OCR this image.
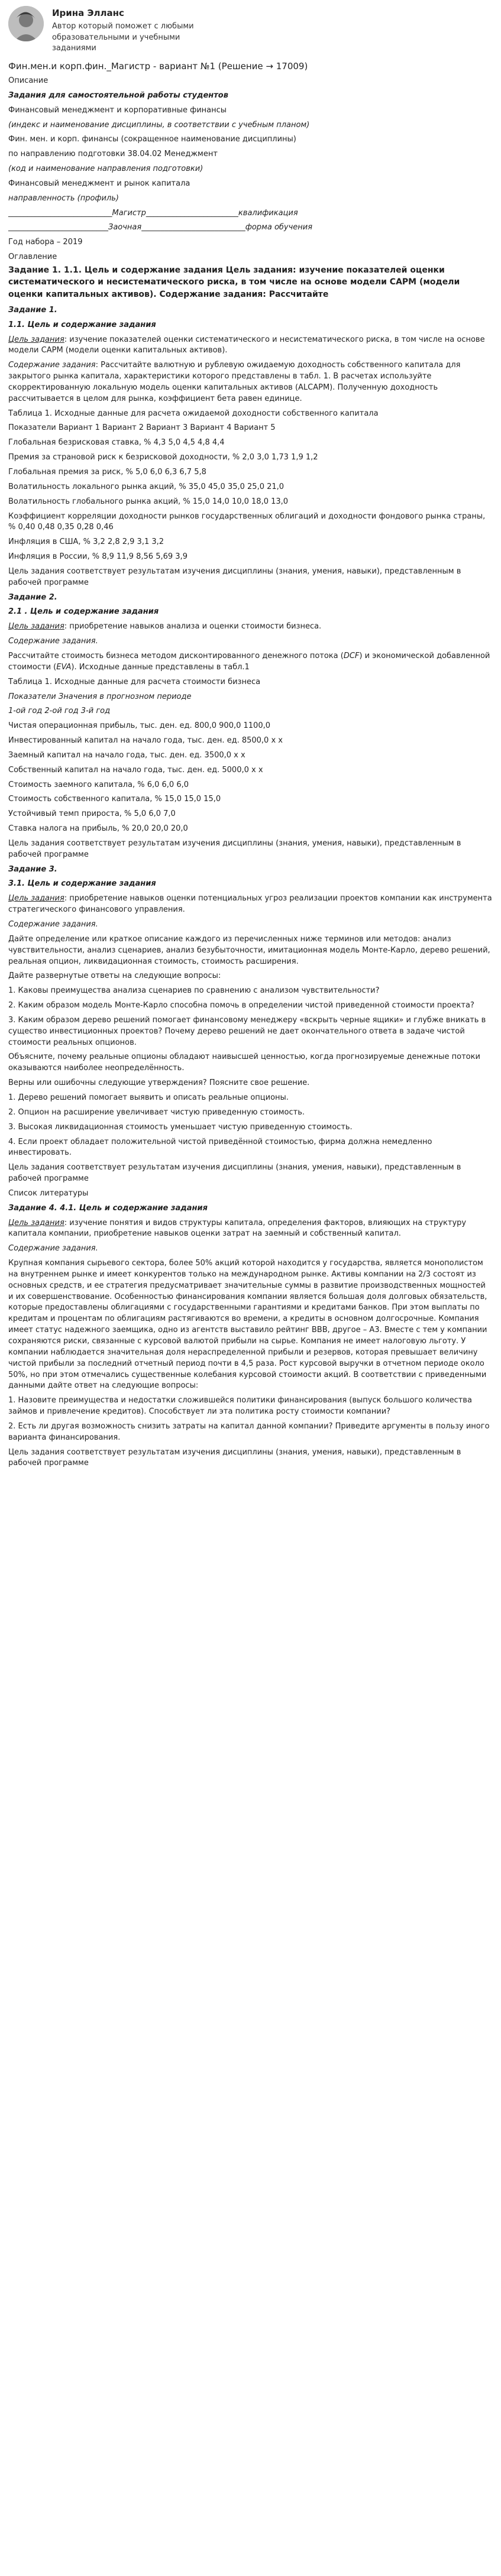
Ирина Элланс
Автор который поможет с любыми образовательными и учебными заданиями
Фин.мен.и корп.фин._Магистр - вариант №1 (Решение → 17009)
Описание

Задания для самостоятельной работы студентов

Финансовый менеджмент и корпоративные финансы

(индекс и наименование дисциплины, в соответствии с учебным планом)

Фин. мен. и корп. финансы (сокращенное наименование дисциплины)

по направлению подготовки 38.04.02 Менеджмент

(код и наименование направления подготовки)

Финансовый менеджмент и рынок капитала

направленность (профиль)

___________________________Магистр________________________квалификация

__________________________Заочная___________________________форма обучения

Год набора – 2019

Оглавление
Задание 1. 1.1. Цель и содержание задания Цель задания: изучение показателей оценки систематического и несистематического риска, в том числе на основе модели CAPM (модели оценки капитальных активов). Содержание задания: Рассчитайте

Задание 1.

1.1. Цель и содержание задания

Цель задания: изучение показателей оценки систематического и несистематического риска, в том числе на основе модели CAPM (модели оценки капитальных активов).

Содержание задания: Рассчитайте валютную и рублевую ожидаемую доходность собственного капитала для закрытого рынка капитала, характеристики которого представлены в табл. 1. В расчетах используйте скорректированную локальную модель оценки капитальных активов (ALCAPM). Полученную доходность рассчитывается в целом для рынка, коэффициент бета равен единице.

Таблица 1. Исходные данные для расчета ожидаемой доходности собственного капитала

Показатели Вариант 1 Вариант 2 Вариант 3 Вариант 4 Вариант 5

Глобальная безрисковая ставка, % 4,3 5,0 4,5 4,8 4,4

Премия за страновой риск к безрисковой доходности, % 2,0 3,0 1,73 1,9 1,2

Глобальная премия за риск, % 5,0 6,0 6,3 6,7 5,8

Волатильность локального рынка акций, % 35,0 45,0 35,0 25,0 21,0

Волатильность глобального рынка акций, % 15,0 14,0 10,0 18,0 13,0

Коэффициент корреляции доходности рынков государственных облигаций и доходности фондового рынка страны, % 0,40 0,48 0,35 0,28 0,46

Инфляция в США, % 3,2 2,8 2,9 3,1 3,2

Инфляция в России, % 8,9 11,9 8,56 5,69 3,9

Цель задания соответствует результатам изучения дисциплины (знания, умения, навыки), представленным в рабочей программе

Задание 2.

2.1 . Цель и содержание задания

Цель задания: приобретение навыков анализа и оценки стоимости бизнеса.

Содержание задания.

Рассчитайте стоимость бизнеса методом дисконтированного денежного потока (DCF) и экономической добавленной стоимости (EVA). Исходные данные представлены в табл.1

Таблица 1. Исходные данные для расчета стоимости бизнеса

Показатели Значения в прогнозном периоде

1-ой год 2-ой год 3-й год

Чистая операционная прибыль, тыс. ден. ед. 800,0 900,0 1100,0

Инвестированный капитал на начало года, тыс. ден. ед. 8500,0 х х

Заемный капитал на начало года, тыс. ден. ед. 3500,0 х х

Собственный капитал на начало года, тыс. ден. ед. 5000,0 х х

Стоимость заемного капитала, % 6,0 6,0 6,0

Стоимость собственного капитала, % 15,0 15,0 15,0

Устойчивый темп прироста, % 5,0 6,0 7,0

Ставка налога на прибыль, % 20,0 20,0 20,0

Цель задания соответствует результатам изучения дисциплины (знания, умения, навыки), представленным в рабочей программе

Задание 3.

3.1. Цель и содержание задания

Цель задания: приобретение навыков оценки потенциальных угроз реализации проектов компании как инструмента стратегического финансового управления.

Содержание задания.

Дайте определение или краткое описание каждого из перечисленных ниже терминов или методов: анализ чувствительности, анализ сценариев, анализ безубыточности, имитационная модель Монте-Карло, дерево решений, реальная опцион, ликвидационная стоимость, стоимость расширения.

Дайте развернутые ответы на следующие вопросы:

1. Каковы преимущества анализа сценариев по сравнению с анализом чувствительности?

2. Каким образом модель Монте-Карло способна помочь в определении чистой приведенной стоимости проекта?

3. Каким образом дерево решений помогает финансовому менеджеру «вскрыть черные ящики» и глубже вникать в существо инвестиционных проектов? Почему дерево решений не дает окончательного ответа в задаче чистой стоимости реальных опционов.

Объясните, почему реальные опционы обладают наивысшей ценностью, когда прогнозируемые денежные потоки оказываются наиболее неопределённость.

Верны или ошибочны следующие утверждения? Поясните свое решение.

1. Дерево решений помогает выявить и описать реальные опционы.

2. Опцион на расширение увеличивает чистую приведенную стоимость.

3. Высокая ликвидационная стоимость уменьшает чистую приведенную стоимость.

4. Если проект обладает положительной чистой приведённой стоимостью, фирма должна немедленно инвестировать.

Цель задания соответствует результатам изучения дисциплины (знания, умения, навыки), представленным в рабочей программе

Список литературы

Задание 4. 4.1. Цель и содержание задания

Цель задания: изучение понятия и видов структуры капитала, определения факторов, влияющих на структуру капитала компании, приобретение навыков оценки затрат на заемный и собственный капитал.

Содержание задания.

Крупная компания сырьевого сектора, более 50% акций которой находится у государства, является монополистом на внутреннем рынке и имеет конкурентов только на международном рынке. Активы компании на 2/3 состоят из основных средств, и ее стратегия предусматривает значительные суммы в развитие производственных мощностей и их совершенствование. Особенностью финансирования компании является большая доля долговых обязательств, которые предоставлены облигациями с государственными гарантиями и кредитами банков. При этом выплаты по кредитам и процентам по облигациям растягиваются во времени, а кредиты в основном долгосрочные. Компания имеет статус надежного заемщика, одно из агентств выставило рейтинг BBB, другое – A3. Вместе с тем у компании сохраняются риски, связанные с курсовой валютой прибыли на сырье. Компания не имеет налоговую льготу. У компании наблюдается значительная доля нераспределенной прибыли и резервов, которая превышает величину чистой прибыли за последний отчетный период почти в 4,5 раза. Рост курсовой выручки в отчетном периоде около 50%, но при этом отмечались существенные колебания курсовой стоимости акций. В соответствии с приведенными данными дайте ответ на следующие вопросы:

1. Назовите преимущества и недостатки сложившейся политики финансирования (выпуск большого количества займов и привлечение кредитов). Способствует ли эта политика росту стоимости компании?

2. Есть ли другая возможность снизить затраты на капитал данной компании? Приведите аргументы в пользу иного варианта финансирования.

Цель задания соответствует результатам изучения дисциплины (знания, умения, навыки), представленным в рабочей программе
